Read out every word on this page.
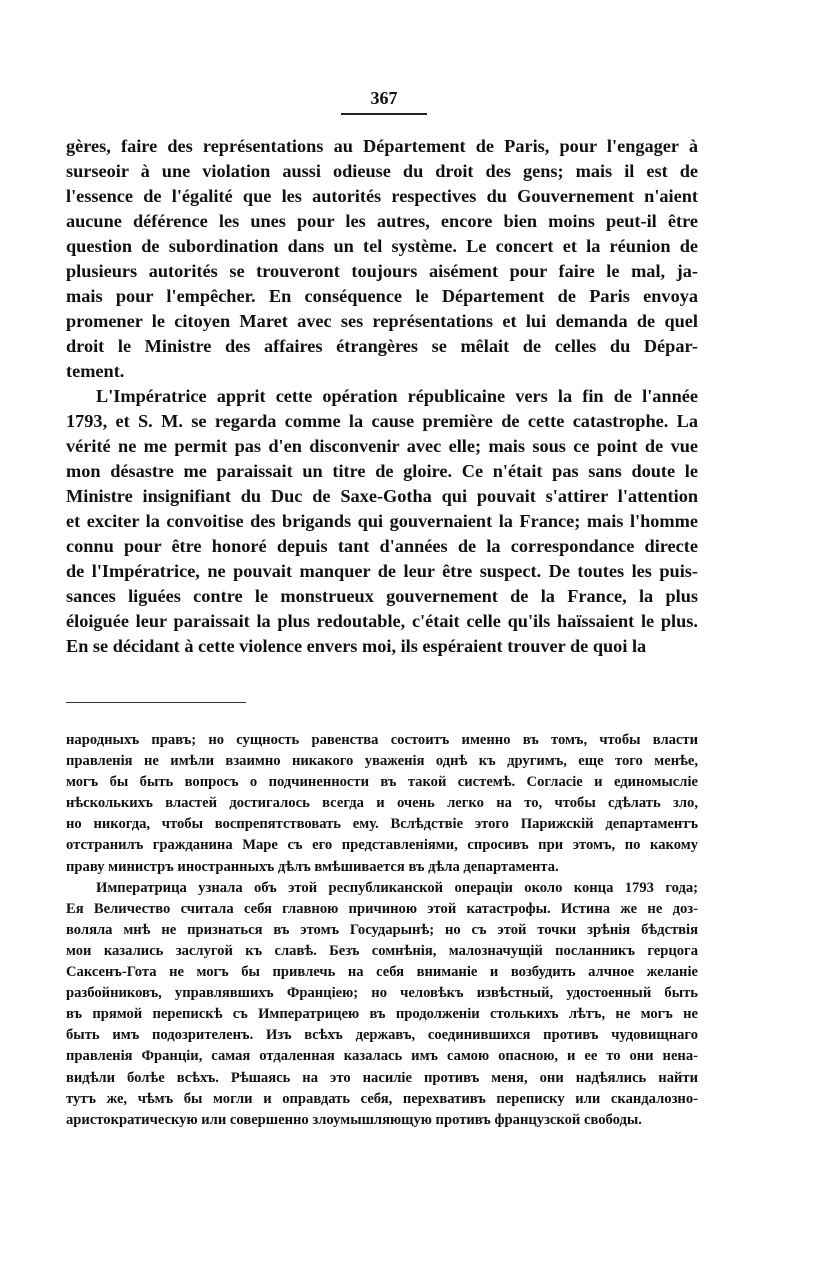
367
gères, faire des représentations au Département de Paris, pour l'engager à
surseoir à une violation aussi odieuse du droit des gens; mais il est de
l'essence de l'égalité que les autorités respectives du Gouvernement n'aient
aucune déférence les unes pour les autres, encore bien moins peut-il être
question de subordination dans un tel système. Le concert et la réunion de
plusieurs autorités se trouveront toujours aisément pour faire le mal, ja-
mais pour l'empêcher. En conséquence le Département de Paris envoya
promener le citoyen Maret avec ses représentations et lui demanda de quel
droit le Ministre des affaires étrangères se mêlait de celles du Dépar-
tement.
L'Impératrice apprit cette opération républicaine vers la fin de l'année
1793, et S. M. se regarda comme la cause première de cette catastrophe. La
vérité ne me permit pas d'en disconvenir avec elle; mais sous ce point de vue
mon désastre me paraissait un titre de gloire. Ce n'était pas sans doute le
Ministre insignifiant du Duc de Saxe-Gotha qui pouvait s'attirer l'attention
et exciter la convoitise des brigands qui gouvernaient la France; mais l'homme
connu pour être honoré depuis tant d'années de la correspondance directe
de l'Impératrice, ne pouvait manquer de leur être suspect. De toutes les puis-
sances liguées contre le monstrueux gouvernement de la France, la plus
éloiguée leur paraissait la plus redoutable, c'était celle qu'ils haïssaient le plus.
En se décidant à cette violence envers moi, ils espéraient trouver de quoi la
народныхъ правъ; но сущность равенства состоитъ именно въ томъ, чтобы власти
правленія не имѣли взаимно никакого уваженія однѣ къ другимъ, еще того менѣе,
могъ бы быть вопросъ о подчиненности въ такой системѣ. Согласіе и единомысліе
нѣсколькихъ властей достигалось всегда и очень легко на то, чтобы сдѣлать зло,
но никогда, чтобы воспрепятствовать ему. Вслѣдствіе этого Парижскій департаментъ
отстранилъ гражданина Маре съ его представленіями, спросивъ при этомъ, по какому
праву министръ иностранныхъ дѣлъ вмѣшивается въ дѣла департамента.
Императрица узнала объ этой республиканской операціи около конца 1793 года;
Ея Величество считала себя главною причиною этой катастрофы. Истина же не доз-
воляла мнѣ не признаться въ этомъ Государынѣ; но съ этой точки зрѣнія бѣдствія
мои казались заслугой къ славѣ. Безъ сомнѣнія, малозначущій посланникъ герцога
Саксенъ-Гота не могъ бы привлечь на себя вниманіе и возбудить алчное желаніе
разбойниковъ, управлявшихъ Франціею; но человѣкъ извѣстный, удостоенный быть
въ прямой перепискѣ съ Императрицею въ продолженіи столькихъ лѣтъ, не могъ не
быть имъ подозрителенъ. Изъ всѣхъ державъ, соединившихся противъ чудовищнаго
правленія Франціи, самая отдаленная казалась имъ самою опасною, и ее то они нена-
видѣли болѣе всѣхъ. Рѣшаясь на это насиліе противъ меня, они надѣялись найти
тутъ же, чѣмъ бы могли и оправдать себя, перехвативъ переписку или скандалозно-
аристократическую или совершенно злоумышляющую противъ французской свободы.
